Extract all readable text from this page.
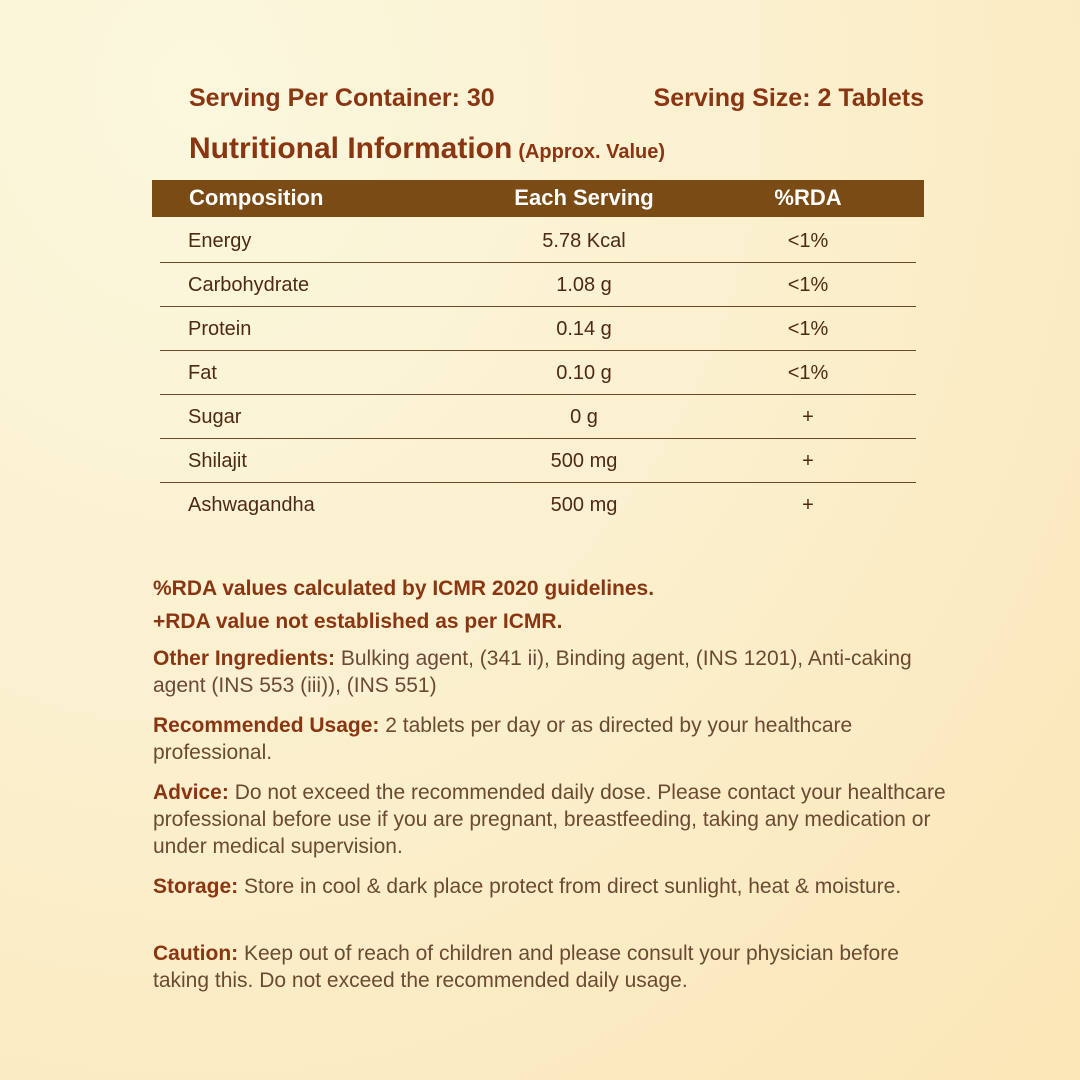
Serving Per Container: 30	Serving Size: 2 Tablets
Nutritional Information (Approx. Value)
Composition	Each Serving	%RDA
Energy	5.78 Kcal	<1%
Carbohydrate	1.08 g	<1%
Protein	0.14 g	<1%
Fat	0.10 g	<1%
Sugar	0 g	+
Shilajit	500 mg	+
Ashwagandha	500 mg	+
%RDA values calculated by ICMR 2020 guidelines.
+RDA value not established as per ICMR.
Other Ingredients: Bulking agent, (341 ii), Binding agent, (INS 1201), Anti-caking agent (INS 553 (iii)), (INS 551)
Recommended Usage: 2 tablets per day or as directed by your healthcare professional.
Advice: Do not exceed the recommended daily dose. Please contact your healthcare professional before use if you are pregnant, breastfeeding, taking any medication or under medical supervision.
Storage: Store in cool & dark place protect from direct sunlight, heat & moisture.
Caution: Keep out of reach of children and please consult your physician before taking this. Do not exceed the recommended daily usage.
